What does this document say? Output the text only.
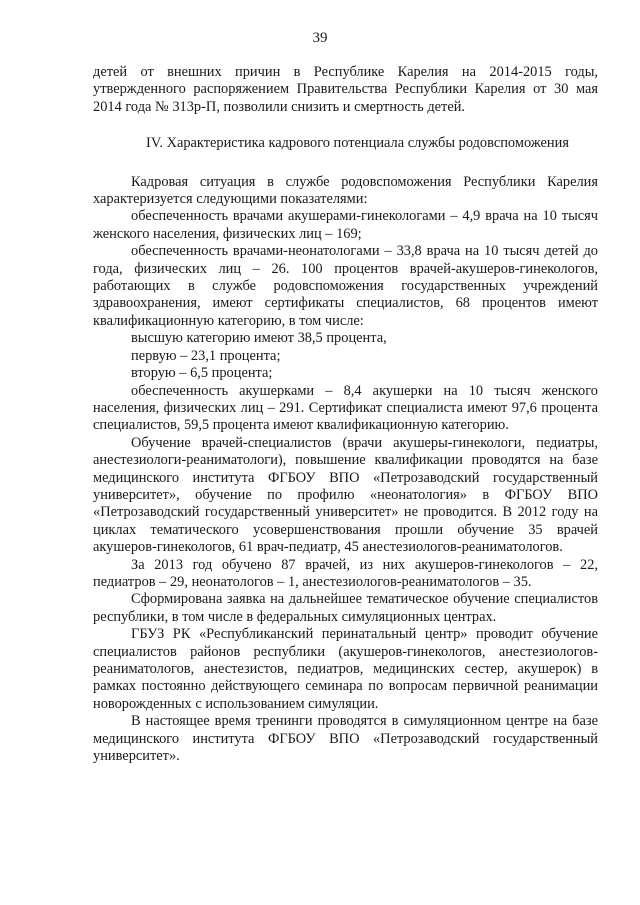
39

детей от внешних причин в Республике Карелия на 2014-2015 годы, утвержденного распоряжением Правительства Республики Карелия от 30 мая 2014 года № 313р-П, позволили снизить и смертность детей.

IV. Характеристика кадрового потенциала службы родовспоможения

Кадровая ситуация в службе родовспоможения Республики Карелия характеризуется следующими показателями:

обеспеченность врачами акушерами-гинекологами – 4,9 врача на 10 тысяч женского населения, физических лиц – 169;

обеспеченность врачами-неонатологами – 33,8 врача на 10 тысяч детей до года, физических лиц – 26. 100 процентов врачей-акушеров-гинекологов, работающих в службе родовспоможения государственных учреждений здравоохранения, имеют сертификаты специалистов, 68 процентов имеют квалификационную категорию, в том числе:

высшую категорию имеют 38,5 процента,

первую – 23,1 процента;

вторую – 6,5 процента;

обеспеченность акушерками – 8,4 акушерки на 10 тысяч женского населения, физических лиц – 291. Сертификат специалиста имеют 97,6 процента специалистов, 59,5 процента имеют квалификационную категорию.

Обучение врачей-специалистов (врачи акушеры-гинекологи, педиатры, анестезиологи-реаниматологи), повышение квалификации проводятся на базе медицинского института ФГБОУ ВПО «Петрозаводский государственный университет», обучение по профилю «неонатология» в ФГБОУ ВПО «Петрозаводский государственный университет» не проводится. В 2012 году на циклах тематического усовершенствования прошли обучение 35 врачей акушеров-гинекологов, 61 врач-педиатр, 45 анестезиологов-реаниматологов.

За 2013 год обучено 87 врачей, из них акушеров-гинекологов – 22, педиатров – 29, неонатологов – 1, анестезиологов-реаниматологов – 35.

Сформирована заявка на дальнейшее тематическое обучение специалистов республики, в том числе в федеральных симуляционных центрах.

ГБУЗ РК «Республиканский перинатальный центр» проводит обучение специалистов районов республики (акушеров-гинекологов, анестезиологов-реаниматологов, анестезистов, педиатров, медицинских сестер, акушерок) в рамках постоянно действующего семинара по вопросам первичной реанимации новорожденных с использованием симуляции.

В настоящее время тренинги проводятся в симуляционном центре на базе медицинского института ФГБОУ ВПО «Петрозаводский государственный университет».
